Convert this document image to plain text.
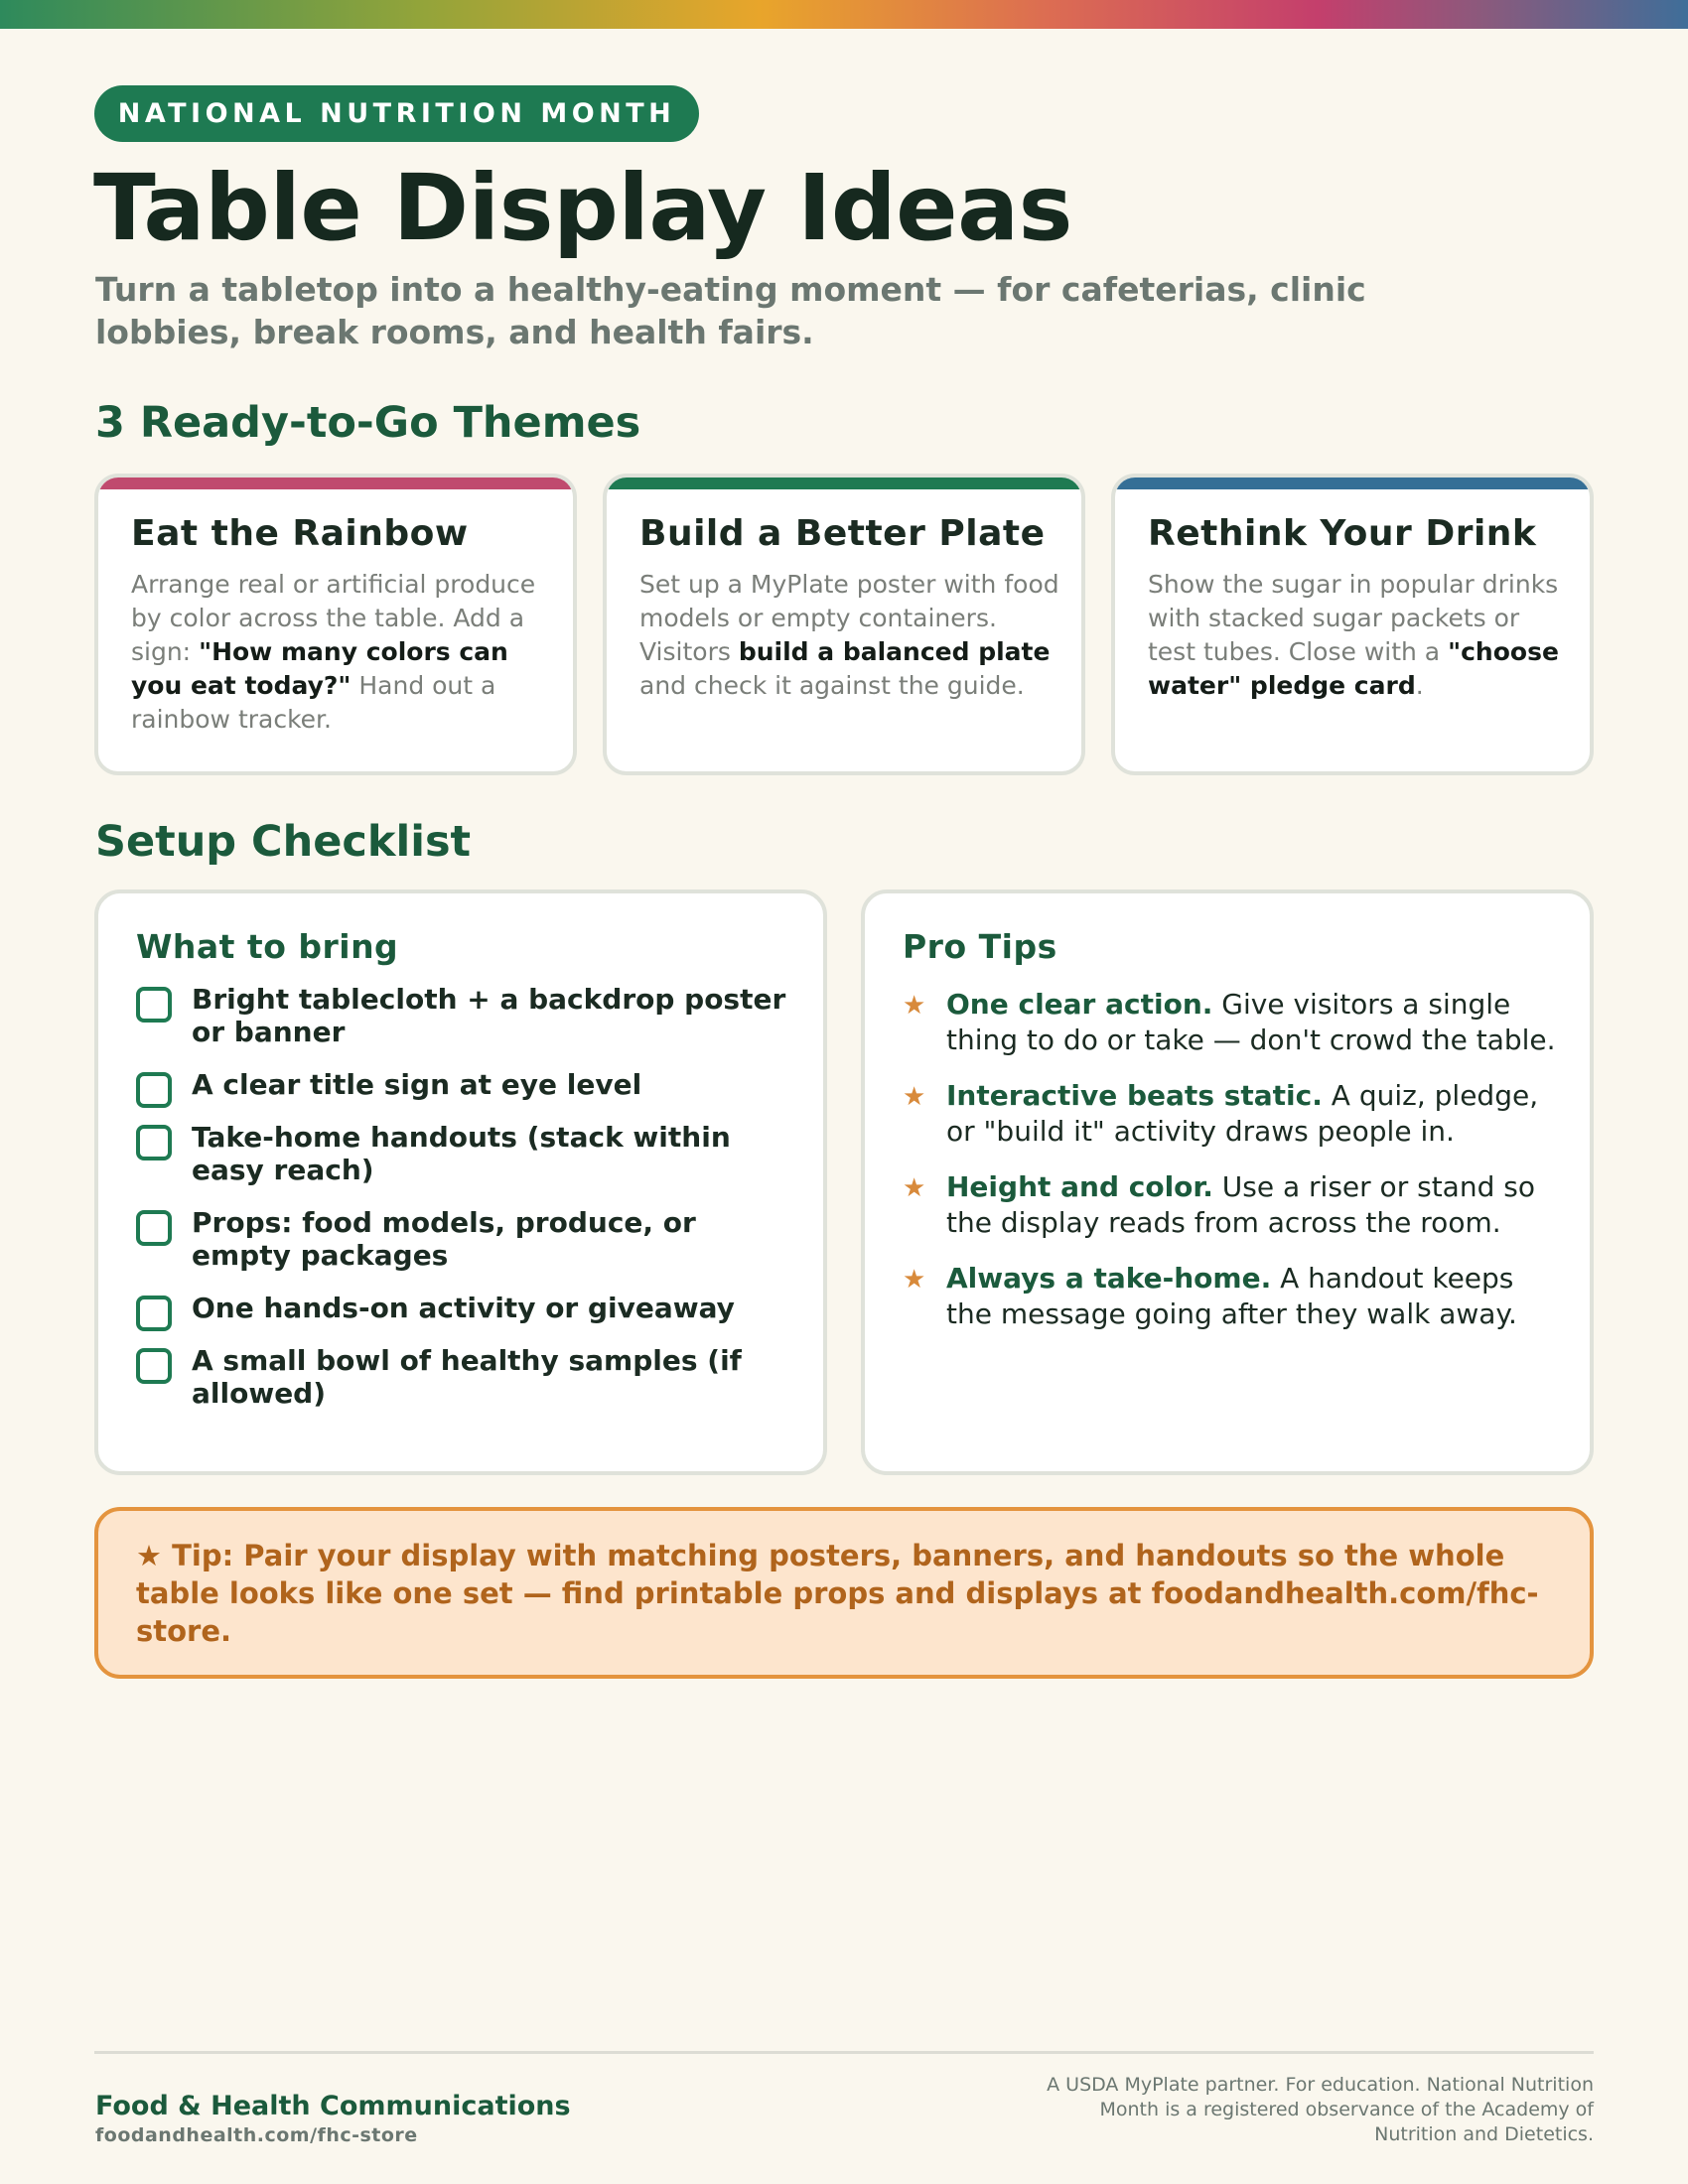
NATIONAL NUTRITION MONTH
Table Display Ideas
Turn a tabletop into a healthy-eating moment — for cafeterias, clinic lobbies, break rooms, and health fairs.
3 Ready-to-Go Themes
Eat the Rainbow

Arrange real or artificial produce by color across the table. Add a sign: "How many colors can you eat today?" Hand out a rainbow tracker.

Build a Better Plate

Set up a MyPlate poster with food models or empty containers. Visitors build a balanced plate and check it against the guide.

Rethink Your Drink

Show the sugar in popular drinks with stacked sugar packets or test tubes. Close with a "choose water" pledge card.

Setup Checklist
What to bring
Bright tablecloth + a backdrop poster or banner
A clear title sign at eye level
Take-home handouts (stack within easy reach)
Props: food models, produce, or empty packages
One hands-on activity or giveaway
A small bowl of healthy samples (if allowed)
Pro Tips
★ One clear action. Give visitors a single thing to do or take — don't crowd the table.
★ Interactive beats static. A quiz, pledge, or "build it" activity draws people in.
★ Height and color. Use a riser or stand so the display reads from across the room.
★ Always a take-home. A handout keeps the message going after they walk away.

★ Tip: Pair your display with matching posters, banners, and handouts so the whole table looks like one set — find printable props and displays at foodandhealth.com/fhc-store.

Food & Health Communications
foodandhealth.com/fhc-store
A USDA MyPlate partner. For education. National Nutrition Month is a registered observance of the Academy of Nutrition and Dietetics.
